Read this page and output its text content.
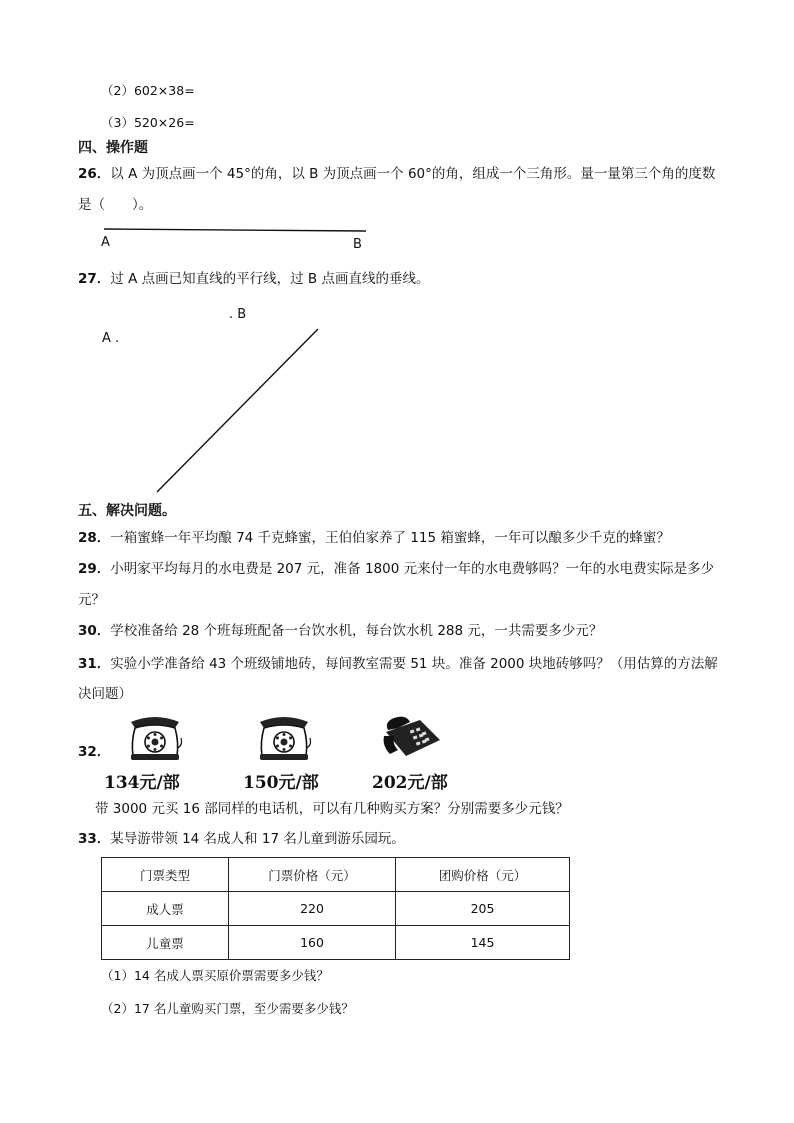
（2）602×38=
（3）520×26=
四、操作题
26．以 A 为顶点画一个 45°的角，以 B 为顶点画一个 60°的角，组成一个三角形。量一量第三个角的度数
是（　　）。
A	B
27．过 A 点画已知直线的平行线，过 B 点画直线的垂线。
. B
A .
五、解决问题。
28．一箱蜜蜂一年平均酿 74 千克蜂蜜，王伯伯家养了 115 箱蜜蜂，一年可以酿多少千克的蜂蜜？
29．小明家平均每月的水电费是 207 元，准备 1800 元来付一年的水电费够吗？一年的水电费实际是多少
元？
30．学校准备给 28 个班每班配备一台饮水机，每台饮水机 288 元，一共需要多少元？
31．实验小学准备给 43 个班级铺地砖，每间教室需要 51 块。准备 2000 块地砖够吗？（用估算的方法解
决问题）
32．
134元/部	150元/部	202元/部
带 3000 元买 16 部同样的电话机，可以有几种购买方案？分别需要多少元钱？
33．某导游带领 14 名成人和 17 名儿童到游乐园玩。
门票类型	门票价格（元）	团购价格（元）
成人票	220	205
儿童票	160	145
（1）14 名成人票买原价票需要多少钱？
（2）17 名儿童购买门票，至少需要多少钱？
